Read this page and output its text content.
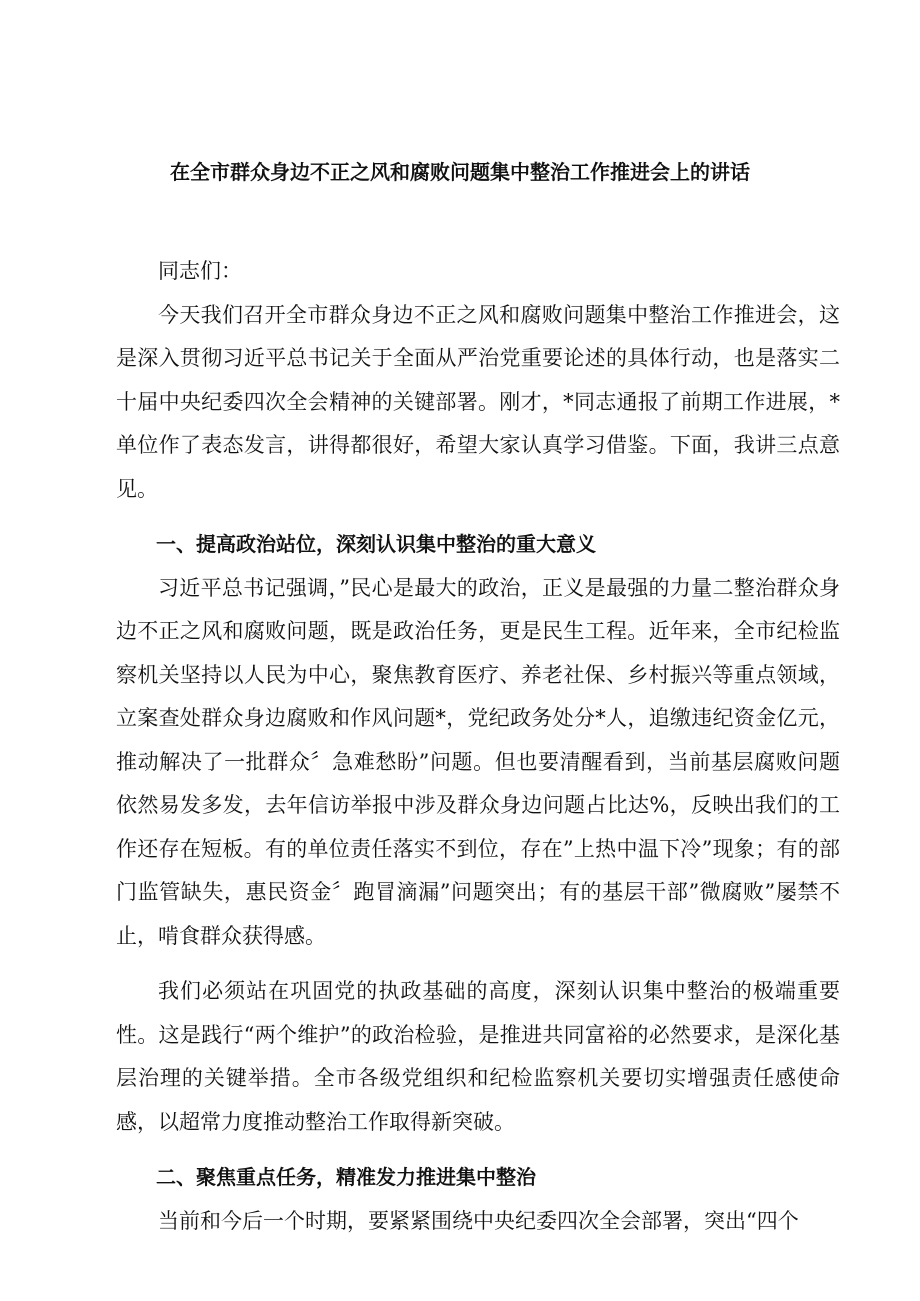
在全市群众身边不正之风和腐败问题集中整治工作推进会上的讲话

同志们：

今天我们召开全市群众身边不正之风和腐败问题集中整治工作推进会，这是深入贯彻习近平总书记关于全面从严治党重要论述的具体行动，也是落实二十届中央纪委四次全会精神的关键部署。刚才，*同志通报了前期工作进展，*单位作了表态发言，讲得都很好，希望大家认真学习借鉴。下面，我讲三点意见。

一、提高政治站位，深刻认识集中整治的重大意义

习近平总书记强调，”民心是最大的政治，正义是最强的力量二整治群众身边不正之风和腐败问题，既是政治任务，更是民生工程。近年来，全市纪检监察机关坚持以人民为中心，聚焦教育医疗、养老社保、乡村振兴等重点领域，立案查处群众身边腐败和作风问题*，党纪政务处分*人，追缴违纪资金亿元，推动解决了一批群众〞急难愁盼”问题。但也要清醒看到，当前基层腐败问题依然易发多发，去年信访举报中涉及群众身边问题占比达%，反映出我们的工作还存在短板。有的单位责任落实不到位，存在”上热中温下冷”现象；有的部门监管缺失，惠民资金〞跑冒滴漏”问题突出；有的基层干部”微腐败”屡禁不止，啃食群众获得感。

我们必须站在巩固党的执政基础的高度，深刻认识集中整治的极端重要性。这是践行“两个维护”的政治检验，是推进共同富裕的必然要求，是深化基层治理的关键举措。全市各级党组织和纪检监察机关要切实增强责任感使命感，以超常力度推动整治工作取得新突破。

二、聚焦重点任务，精准发力推进集中整治

当前和今后一个时期，要紧紧围绕中央纪委四次全会部署，突出“四个
